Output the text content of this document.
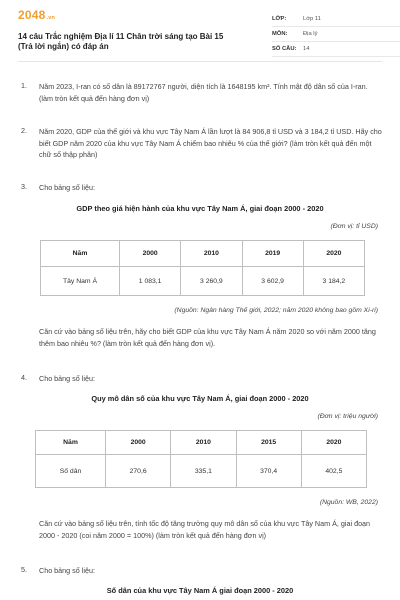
2048.vn
14 câu Trắc nghiệm Địa lí 11 Chân trời sáng tạo Bài 15 (Trả lời ngắn) có đáp án
LỚP:	Lớp 11
MÔN:	Địa lý
SỐ CÂU:	14
1. Năm 2023, I-ran có số dân là 89172767 người, diện tích là 1648195 km². Tính mật độ dân số của I-ran. (làm tròn kết quả đến hàng đơn vị)
2. Năm 2020, GDP của thế giới và khu vực Tây Nam Á lần lượt là 84 906,8 tỉ USD và 3 184,2 tỉ USD. Hãy cho biết GDP năm 2020 của khu vực Tây Nam Á chiếm bao nhiêu % của thế giới? (làm tròn kết quả đến một chữ số thập phân)
3. Cho bảng số liệu:
GDP theo giá hiện hành của khu vực Tây Nam Á, giai đoạn 2000 - 2020
(Đơn vị: tỉ USD)
Năm	2000	2010	2019	2020
Tây Nam Á	1 083,1	3 260,9	3 602,9	3 184,2
(Nguồn: Ngân hàng Thế giới, 2022; năm 2020 không bao gồm Xi-ri)
Căn cứ vào bảng số liệu trên, hãy cho biết GDP của khu vực Tây Nam Á năm 2020 so với năm 2000 tăng thêm bao nhiêu %? (làm tròn kết quả đến hàng đơn vị).
4. Cho bảng số liệu:
Quy mô dân số của khu vực Tây Nam Á, giai đoạn 2000 - 2020
(Đơn vị: triệu người)
Năm	2000	2010	2015	2020
Số dân	270,6	335,1	370,4	402,5
(Nguồn: WB, 2022)
Căn cứ vào bảng số liệu trên, tính tốc độ tăng trưởng quy mô dân số của khu vực Tây Nam Á, giai đoạn 2000 - 2020 (coi năm 2000 = 100%) (làm tròn kết quả đến hàng đơn vị)
5. Cho bảng số liệu:
Số dân của khu vực Tây Nam Á giai đoạn 2000 - 2020
